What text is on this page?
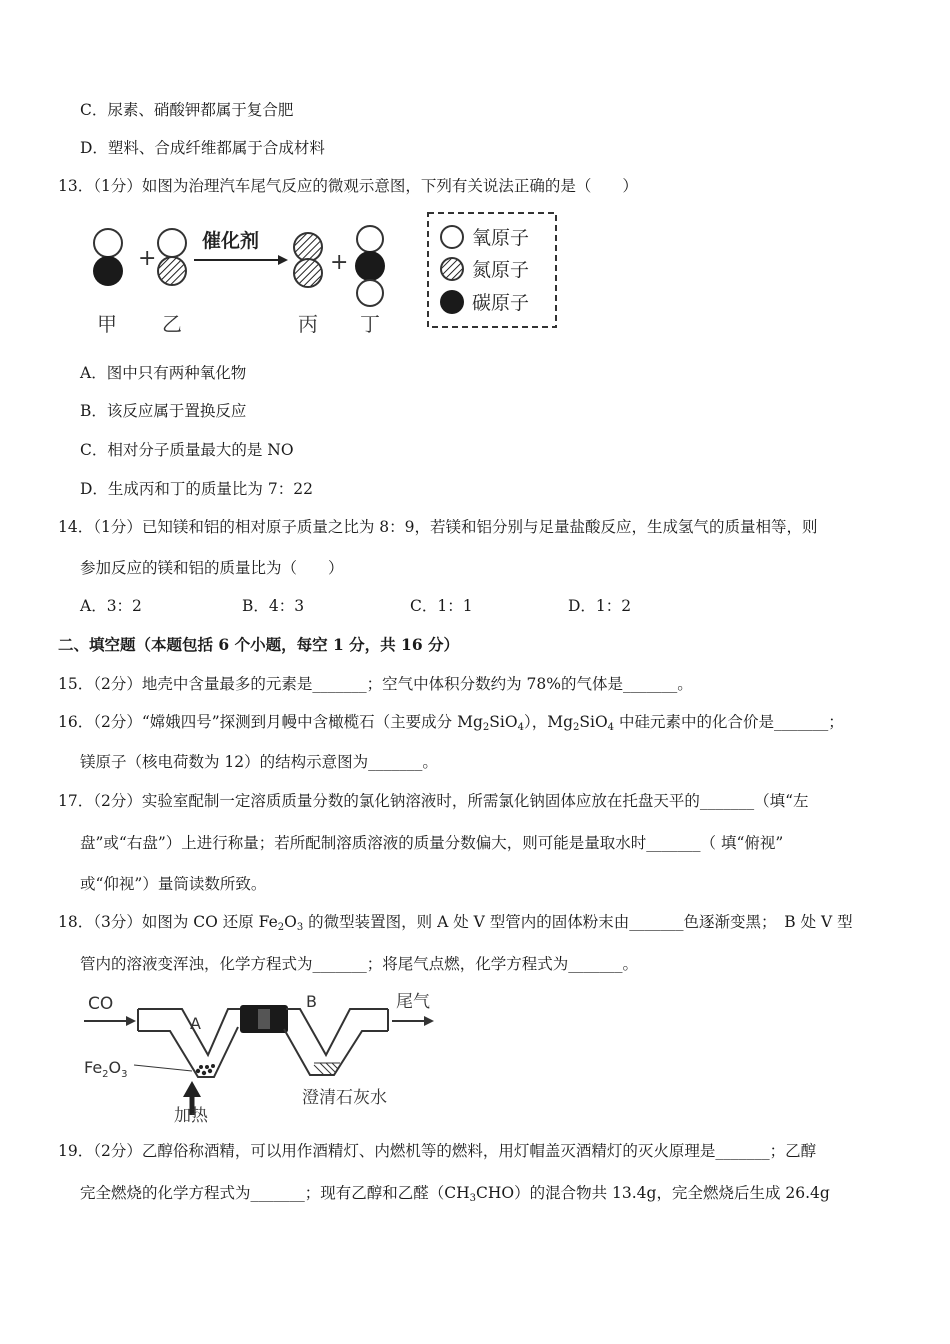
C．尿素、硝酸钾都属于复合肥
D．塑料、合成纤维都属于合成材料
13．（1分）如图为治理汽车尾气反应的微观示意图，下列有关说法正确的是（　　）
+
催化剂
+
甲 乙	丙 丁
氧原子
氮原子
碳原子
A．图中只有两种氧化物
B．该反应属于置换反应
C．相对分子质量最大的是 NO
D．生成丙和丁的质量比为 7：22
14．（1分）已知镁和铝的相对原子质量之比为 8：9，若镁和铝分别与足量盐酸反应，生成氢气的质量相等，则
参加反应的镁和铝的质量比为（　　）
A．3：2	B．4：3	C．1：1	D．1：2
二、填空题（本题包括 6 个小题，每空 1 分，共 16 分）
15．（2分）地壳中含量最多的元素是_______；空气中体积分数约为 78%的气体是_______。
16．（2分）“嫦娥四号”探测到月幔中含橄榄石（主要成分 $Mg_2SiO_4$），$Mg_2SiO_4$ 中硅元素中的化合价是_______；
镁原子（核电荷数为 12）的结构示意图为_______。
17．（2分）实验室配制一定溶质质量分数的氯化钠溶液时，所需氯化钠固体应放在托盘天平的_______（填“左
盘”或“右盘”）上进行称量；若所配制溶质溶液的质量分数偏大，则可能是量取水时_______（ 填“俯视”
或“仰视”）量筒读数所致。
18．（3分）如图为 CO 还原 $Fe_2O_3$ 的微型装置图，则 A 处 V 型管内的固体粉末由_______色逐渐变黑；　B 处 V 型
管内的溶液变浑浊，化学方程式为_______；将尾气点燃，化学方程式为_______。
CO
A
$Fe_2O_3$
加热
B	尾气
澄清石灰水
19．（2分）乙醇俗称酒精，可以用作酒精灯、内燃机等的燃料，用灯帽盖灭酒精灯的灭火原理是_______；乙醇
完全燃烧的化学方程式为_______；现有乙醇和乙醛$(CH_3CHO)$的混合物共 13.4g，完全燃烧后生成 26.4g
